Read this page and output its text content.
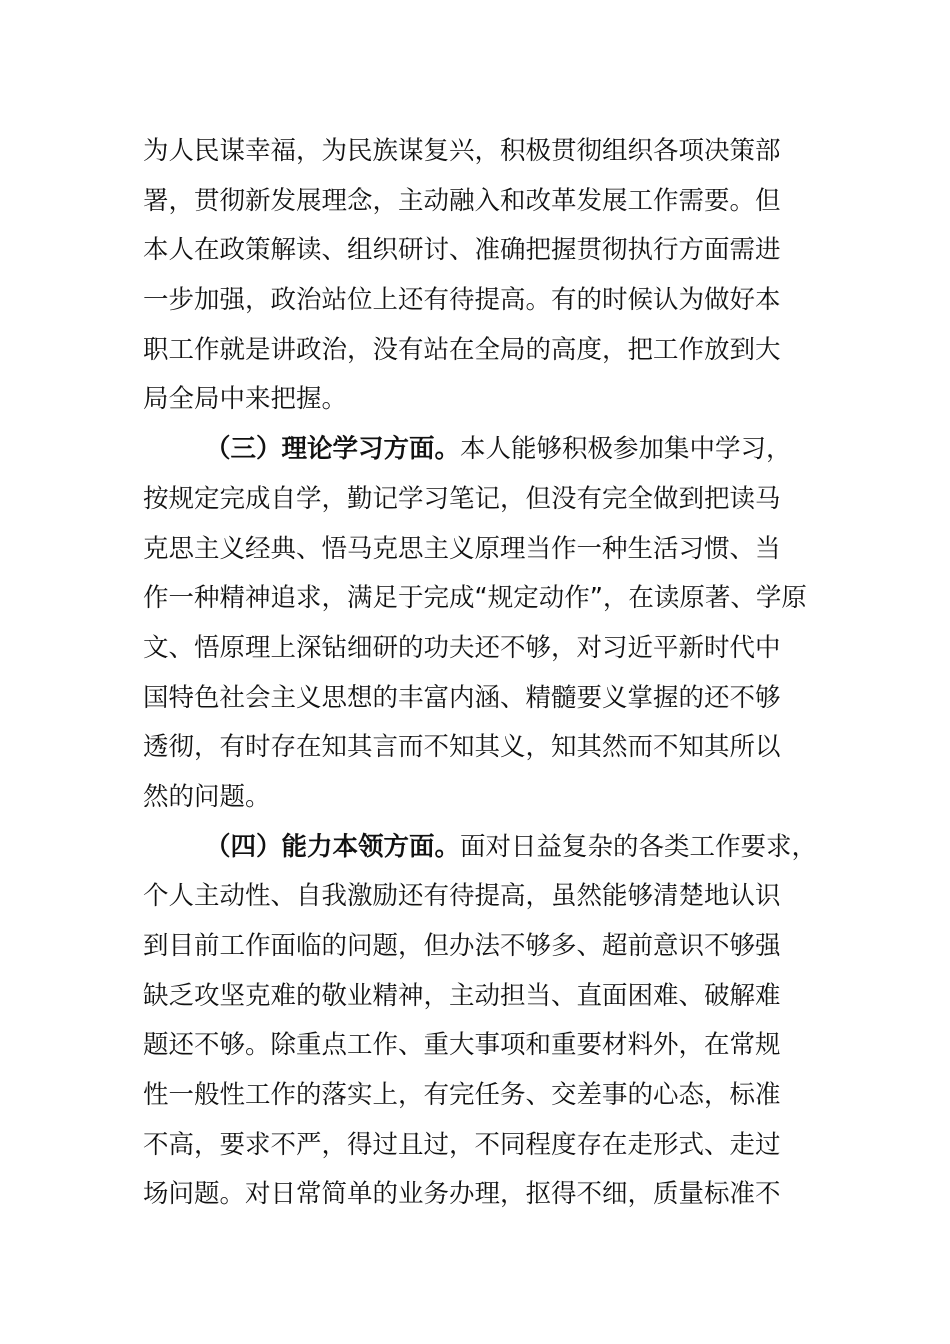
为人民谋幸福，为民族谋复兴，积极贯彻组织各项决策部
署，贯彻新发展理念，主动融入和改革发展工作需要。但
本人在政策解读、组织研讨、准确把握贯彻执行方面需进
一步加强，政治站位上还有待提高。有的时候认为做好本
职工作就是讲政治，没有站在全局的高度，把工作放到大
局全局中来把握。
（三）理论学习方面。本人能够积极参加集中学习，
按规定完成自学，勤记学习笔记，但没有完全做到把读马
克思主义经典、悟马克思主义原理当作一种生活习惯、当
作一种精神追求，满足于完成“规定动作”，在读原著、学原
文、悟原理上深钻细研的功夫还不够，对习近平新时代中
国特色社会主义思想的丰富内涵、精髓要义掌握的还不够
透彻，有时存在知其言而不知其义，知其然而不知其所以
然的问题。
（四）能力本领方面。面对日益复杂的各类工作要求，
个人主动性、自我激励还有待提高，虽然能够清楚地认识
到目前工作面临的问题，但办法不够多、超前意识不够强
缺乏攻坚克难的敬业精神，主动担当、直面困难、破解难
题还不够。除重点工作、重大事项和重要材料外，在常规
性一般性工作的落实上，有完任务、交差事的心态，标准
不高，要求不严，得过且过，不同程度存在走形式、走过
场问题。对日常简单的业务办理，抠得不细，质量标准不
